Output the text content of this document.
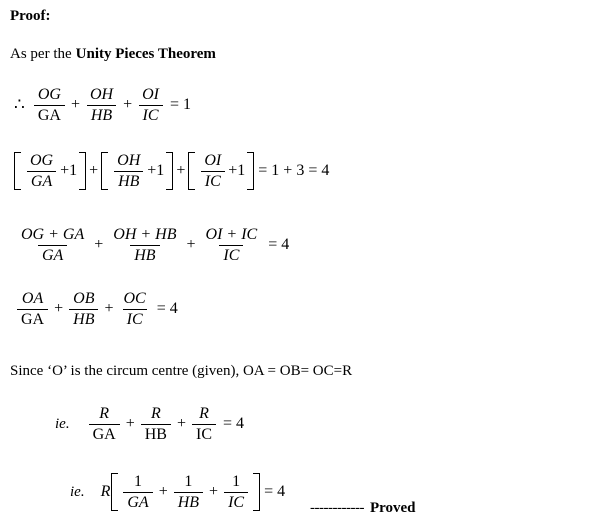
Proof:
As per the Unity Pieces Theorem
∴ $\frac{OG}{GA} + \frac{OH}{HB} + \frac{OI}{IC} = 1$
$\frac{OG}{GA} +1 + \frac{OH}{HB} +1 + \frac{OI}{IC} +1 = 1 + 3 = 4$
$\frac{OG + GA}{GA} + \frac{OH + HB}{HB} + \frac{OI + IC}{IC} = 4$
$\frac{OA}{GA} + \frac{OB}{HB} + \frac{OC}{IC} = 4$
Since ‘O’ is the circum centre (given), OA = OB= OC=R
ie.	$\frac{R}{GA} + \frac{R}{HB} + \frac{R}{IC} = 4$
ie.	R $\frac{1}{GA} + \frac{1}{HB} + \frac{1}{IC} = 4$
------------ Proved
